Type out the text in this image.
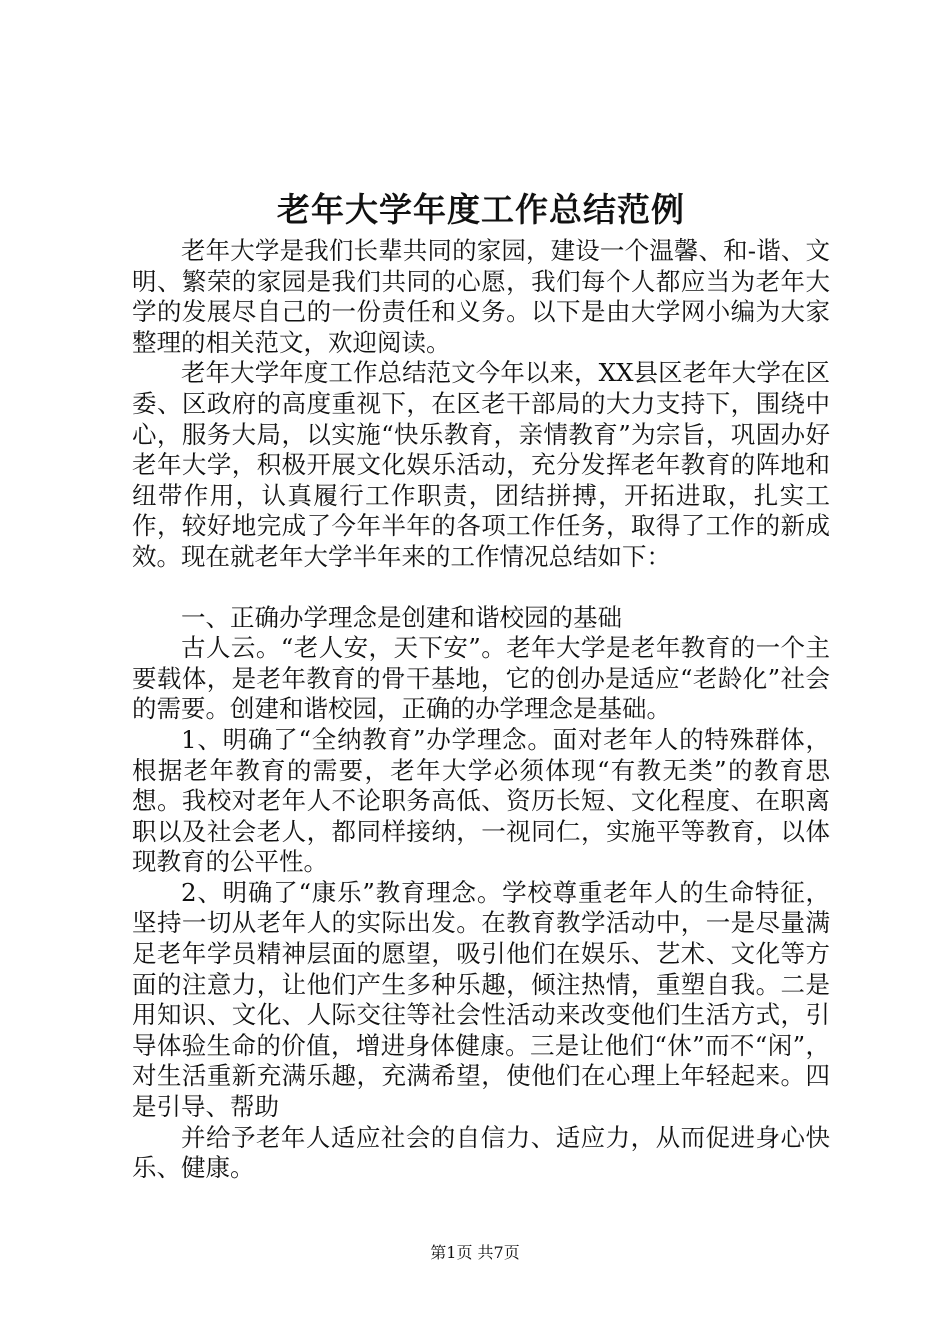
老年大学年度工作总结范例

老年大学是我们长辈共同的家园，建设一个温馨、和-谐、文明、繁荣的家园是我们共同的心愿，我们每个人都应当为老年大学的发展尽自己的一份责任和义务。以下是由大学网小编为大家整理的相关范文，欢迎阅读。

老年大学年度工作总结范文今年以来，XX县区老年大学在区委、区政府的高度重视下，在区老干部局的大力支持下，围绕中心，服务大局，以实施“快乐教育，亲情教育”为宗旨，巩固办好老年大学，积极开展文化娱乐活动，充分发挥老年教育的阵地和纽带作用，认真履行工作职责，团结拼搏，开拓进取，扎实工作，较好地完成了今年半年的各项工作任务，取得了工作的新成效。现在就老年大学半年来的工作情况总结如下：

一、正确办学理念是创建和谐校园的基础

古人云。“老人安，天下安”。老年大学是老年教育的一个主要载体，是老年教育的骨干基地，它的创办是适应“老龄化”社会的需要。创建和谐校园，正确的办学理念是基础。

1、明确了“全纳教育”办学理念。面对老年人的特殊群体，根据老年教育的需要，老年大学必须体现“有教无类”的教育思想。我校对老年人不论职务高低、资历长短、文化程度、在职离职以及社会老人，都同样接纳，一视同仁，实施平等教育，以体现教育的公平性。

2、明确了“康乐”教育理念。学校尊重老年人的生命特征，坚持一切从老年人的实际出发。在教育教学活动中，一是尽量满足老年学员精神层面的愿望，吸引他们在娱乐、艺术、文化等方面的注意力，让他们产生多种乐趣，倾注热情，重塑自我。二是用知识、文化、人际交往等社会性活动来改变他们生活方式，引导体验生命的价值，增进身体健康。三是让他们“休”而不“闲”，对生活重新充满乐趣，充满希望，使他们在心理上年轻起来。四是引导、帮助

并给予老年人适应社会的自信力、适应力，从而促进身心快乐、健康。

第1页 共7页
